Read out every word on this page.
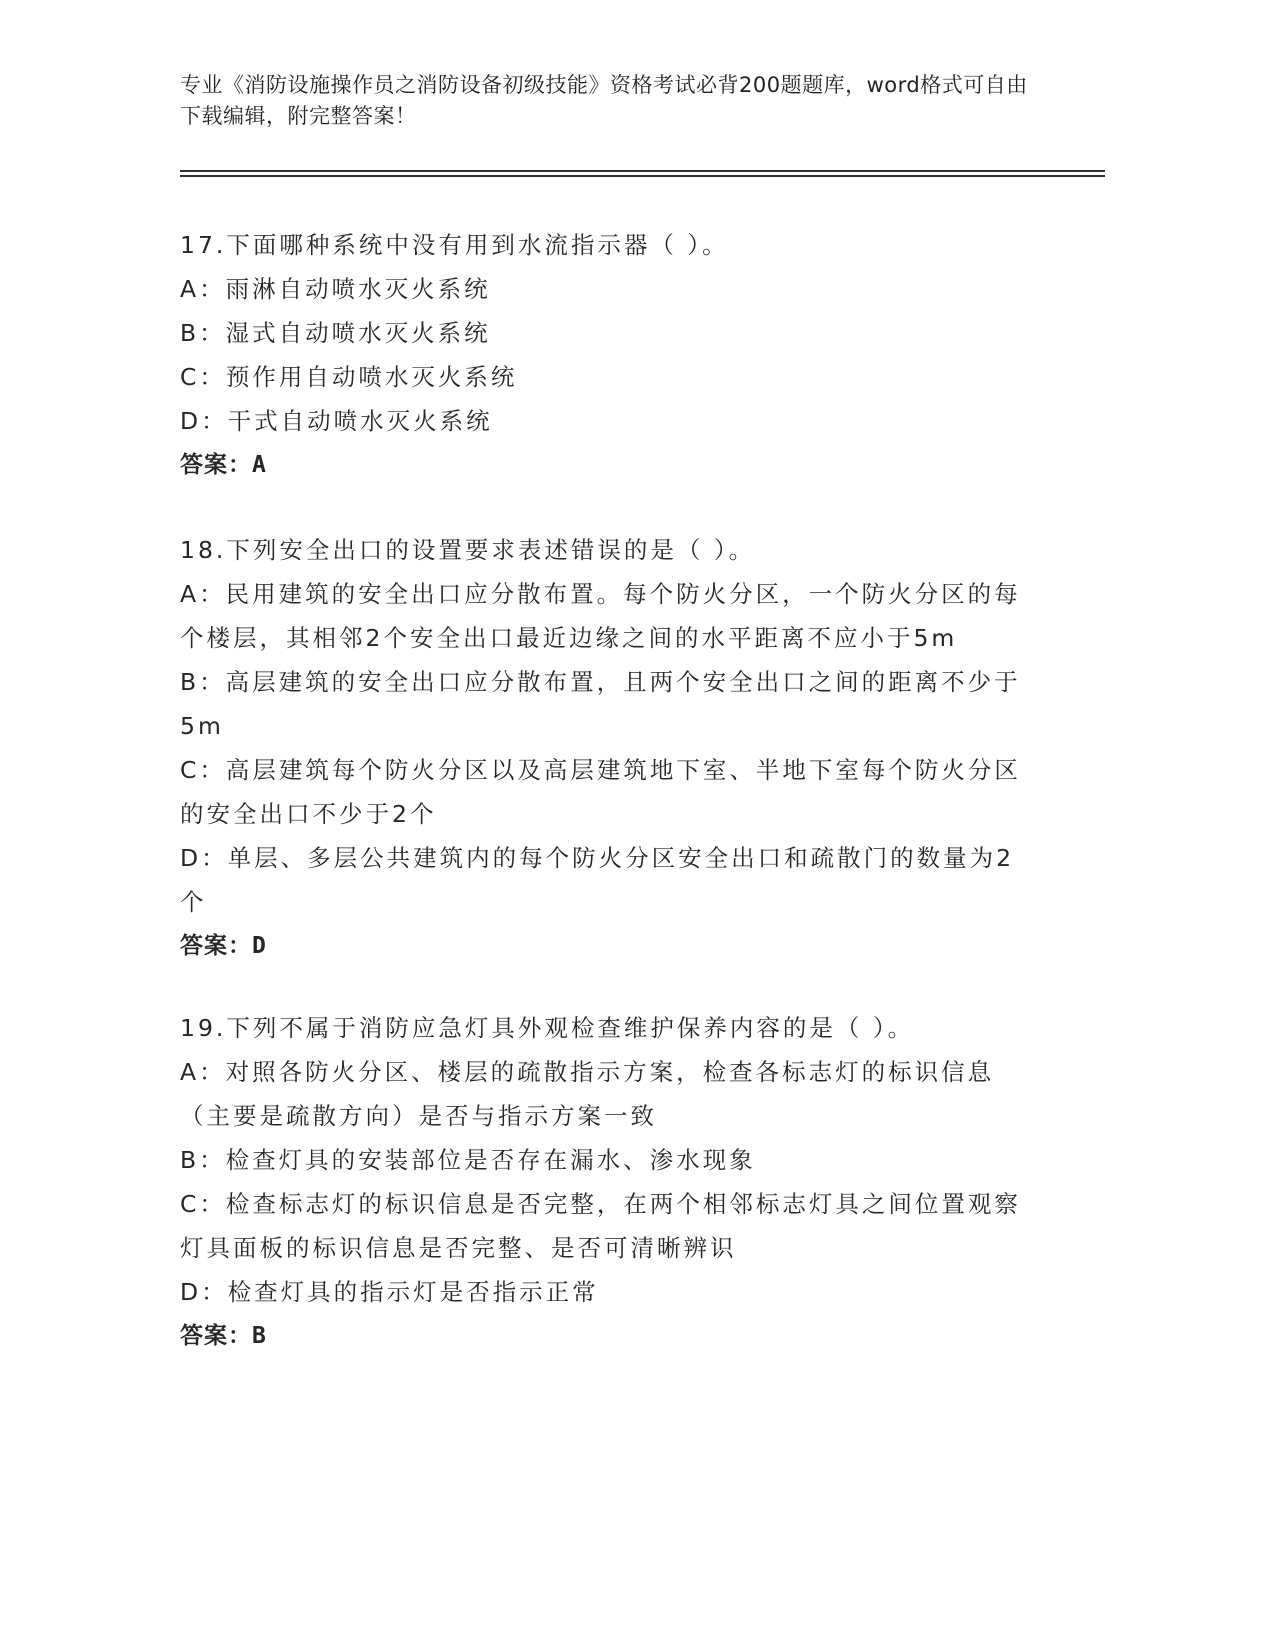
专业《消防设施操作员之消防设备初级技能》资格考试必背200题题库，word格式可自由下载编辑，附完整答案！
17.下面哪种系统中没有用到水流指示器（ ）。
A：雨淋自动喷水灭火系统
B：湿式自动喷水灭火系统
C：预作用自动喷水灭火系统
D：干式自动喷水灭火系统
答案：A
18.下列安全出口的设置要求表述错误的是（ ）。
A：民用建筑的安全出口应分散布置。每个防火分区，一个防火分区的每个楼层，其相邻2个安全出口最近边缘之间的水平距离不应小于5m
B：高层建筑的安全出口应分散布置，且两个安全出口之间的距离不少于5m
C：高层建筑每个防火分区以及高层建筑地下室、半地下室每个防火分区的安全出口不少于2个
D：单层、多层公共建筑内的每个防火分区安全出口和疏散门的数量为2个
答案：D
19.下列不属于消防应急灯具外观检查维护保养内容的是（ ）。
A：对照各防火分区、楼层的疏散指示方案，检查各标志灯的标识信息（主要是疏散方向）是否与指示方案一致
B：检查灯具的安装部位是否存在漏水、渗水现象
C：检查标志灯的标识信息是否完整，在两个相邻标志灯具之间位置观察灯具面板的标识信息是否完整、是否可清晰辨识
D：检查灯具的指示灯是否指示正常
答案：B
